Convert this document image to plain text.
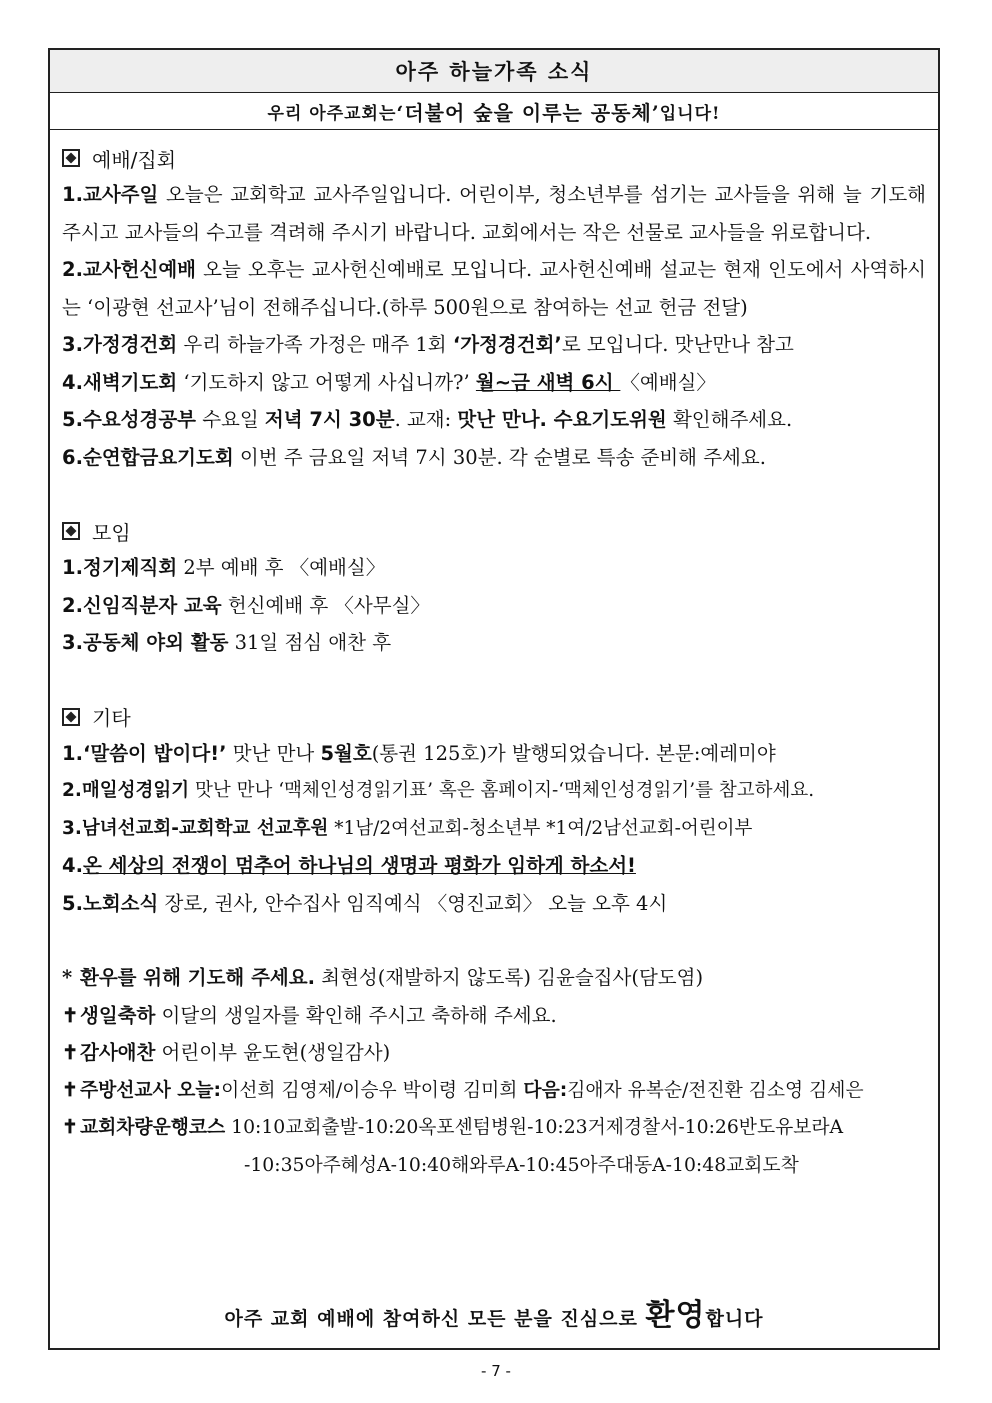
아주 하늘가족 소식
우리 아주교회는 ‘더불어 숲을 이루는 공동체’ 입니다!
예배/집회
1.교사주일 오늘은 교회학교 교사주일입니다. 어린이부, 청소년부를 섬기는 교사들을 위해 늘 기도해 주시고 교사들의 수고를 격려해 주시기 바랍니다. 교회에서는 작은 선물로 교사들을 위로합니다.
2.교사헌신예배 오늘 오후는 교사헌신예배로 모입니다. 교사헌신예배 설교는 현재 인도에서 사역하시는 ‘이광현 선교사’님이 전해주십니다.(하루 500원으로 참여하는 선교 헌금 전달)
3.가정경건회 우리 하늘가족 가정은 매주 1회 ‘가정경건회’로 모입니다. 맛난만나 참고
4.새벽기도회 ‘기도하지 않고 어떻게 사십니까?’ 월~금 새벽 6시 〈예배실〉
5.수요성경공부 수요일 저녁 7시 30분. 교재: 맛난 만나. 수요기도위원 확인해주세요.
6.순연합금요기도회 이번 주 금요일 저녁 7시 30분. 각 순별로 특송 준비해 주세요.
모임
1.정기제직회 2부 예배 후 〈예배실〉
2.신임직분자 교육 헌신예배 후 〈사무실〉
3.공동체 야외 활동 31일 점심 애찬 후
기타
1.‘말씀이 밥이다!’ 맛난 만나 5월호(통권 125호)가 발행되었습니다. 본문:예레미야
2.매일성경읽기 맛난 만나 ‘맥체인성경읽기표’ 혹은 홈페이지-‘맥체인성경읽기’를 참고하세요.
3.남녀선교회-교회학교 선교후원 *1남/2여선교회-청소년부 *1여/2남선교회-어린이부
4.온 세상의 전쟁이 멈추어 하나님의 생명과 평화가 임하게 하소서!
5.노회소식 장로, 권사, 안수집사 임직예식 〈영진교회〉 오늘 오후 4시
* 환우를 위해 기도해 주세요. 최현성(재발하지 않도록) 김윤슬집사(담도염)
✝ 생일축하 이달의 생일자를 확인해 주시고 축하해 주세요.
✝ 감사애찬 어린이부 윤도현(생일감사)
✝ 주방선교사 오늘:이선희 김영제/이승우 박이령 김미희 다음:김애자 유복순/전진환 김소영 김세은
✝ 교회차량운행코스 10:10교회출발-10:20옥포센텀병원-10:23거제경찰서-10:26반도유보라A
-10:35아주혜성A-10:40해와루A-10:45아주대동A-10:48교회도착
아주 교회 예배에 참여하신 모든 분을 진심으로 환영합니다
- 7 -
